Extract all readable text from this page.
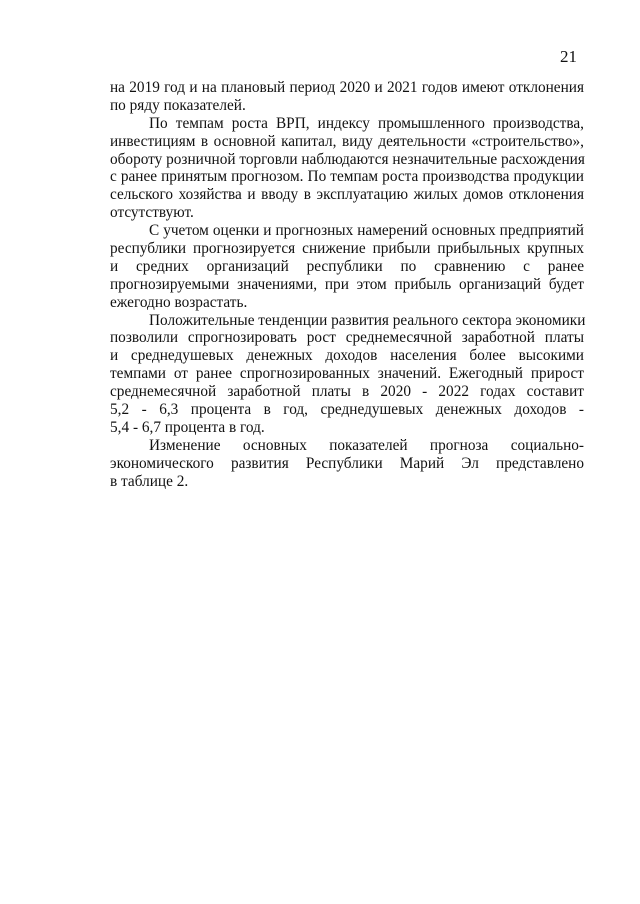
21
на 2019 год и на плановый период 2020 и 2021 годов имеют отклонения
по ряду показателей.
По темпам роста ВРП, индексу промышленного производства,
инвестициям в основной капитал, виду деятельности «строительство»,
обороту розничной торговли наблюдаются незначительные расхождения
с ранее принятым прогнозом. По темпам роста производства продукции
сельского хозяйства и вводу в эксплуатацию жилых домов отклонения
отсутствуют.
С учетом оценки и прогнозных намерений основных предприятий
республики прогнозируется снижение прибыли прибыльных крупных
и средних организаций республики по сравнению с ранее
прогнозируемыми значениями, при этом прибыль организаций будет
ежегодно возрастать.
Положительные тенденции развития реального сектора экономики
позволили спрогнозировать рост среднемесячной заработной платы
и среднедушевых денежных доходов населения более высокими
темпами от ранее спрогнозированных значений. Ежегодный прирост
среднемесячной заработной платы в 2020 - 2022 годах составит
5,2 - 6,3 процента в год, среднедушевых денежных доходов -
5,4 - 6,7 процента в год.
Изменение основных показателей прогноза социально-
экономического развития Республики Марий Эл представлено
в таблице 2.
